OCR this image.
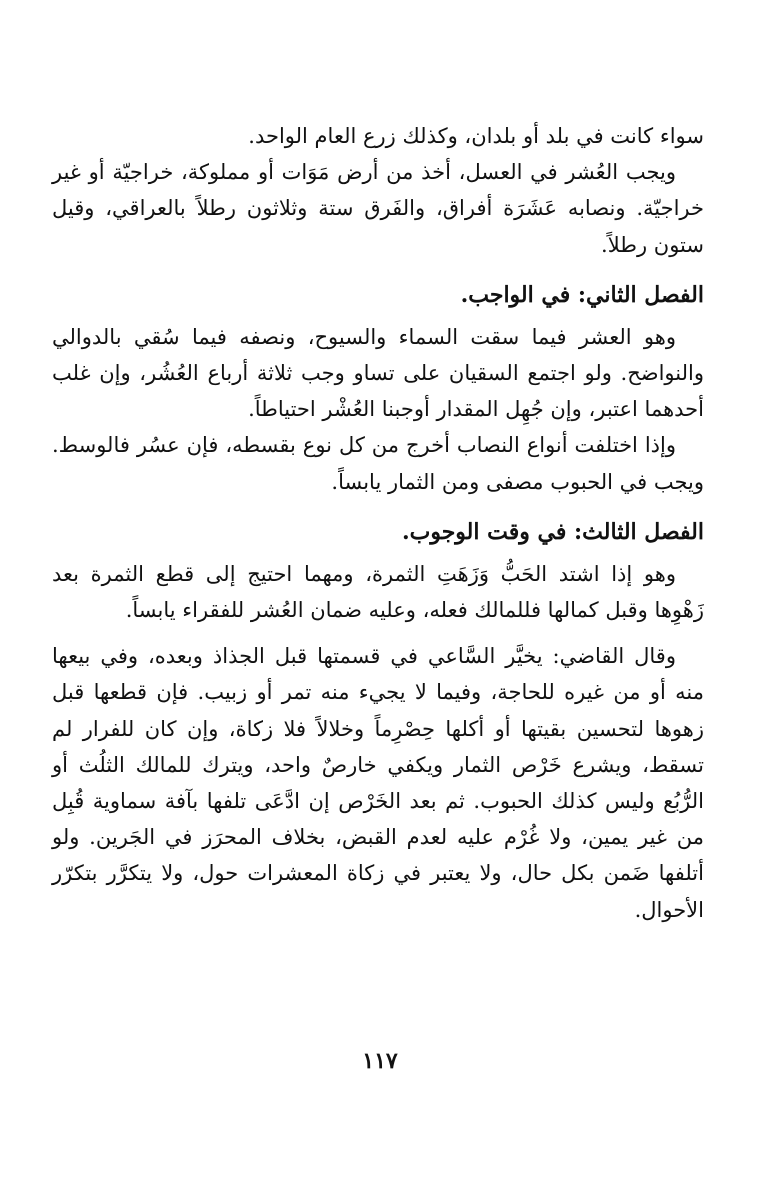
سواء كانت في بلد أو بلدان، وكذلك زرع العام الواحد.

ويجب العُشر في العسل، أخذ من أرض مَوَات أو مملوكة، خراجيّة أو غير خراجيّة. ونصابه عَشَرَة أفراق، والفَرق ستة وثلاثون رطلاً بالعراقي، وقيل ستون رطلاً.

الفصل الثاني: في الواجب.

وهو العشر فيما سقت السماء والسيوح، ونصفه فيما سُقي بالدوالي والنواضح. ولو اجتمع السقيان على تساو وجب ثلاثة أرباع العُشُر، وإن غلب أحدهما اعتبر، وإن جُهِل المقدار أوجبنا العُشْر احتياطاً.

وإذا اختلفت أنواع النصاب أخرج من كل نوع بقسطه، فإن عسُر فالوسط. ويجب في الحبوب مصفى ومن الثمار يابساً.

الفصل الثالث: في وقت الوجوب.

وهو إذا اشتد الحَبُّ وَزَهَتِ الثمرة، ومهما احتيج إلى قطع الثمرة بعد زَهْوِها وقبل كمالها فللمالك فعله، وعليه ضمان العُشر للفقراء يابساً.

وقال القاضي: يخيَّر السَّاعي في قسمتها قبل الجذاذ وبعده، وفي بيعها منه أو من غيره للحاجة، وفيما لا يجيء منه تمر أو زبيب. فإن قطعها قبل زهوها لتحسين بقيتها أو أكلها حِصْرِماً وخلالاً فلا زكاة، وإن كان للفرار لم تسقط، ويشرع خَرْص الثمار ويكفي خارصٌ واحد، ويترك للمالك الثلُث أو الرُّبُع وليس كذلك الحبوب. ثم بعد الخَرْص إن ادَّعَى تلفها بآفة سماوية قُبِل من غير يمين، ولا غُرْم عليه لعدم القبض، بخلاف المحرَز في الجَرين. ولو أتلفها ضَمن بكل حال، ولا يعتبر في زكاة المعشرات حول، ولا يتكرَّر بتكرّر الأحوال.

١١٧
